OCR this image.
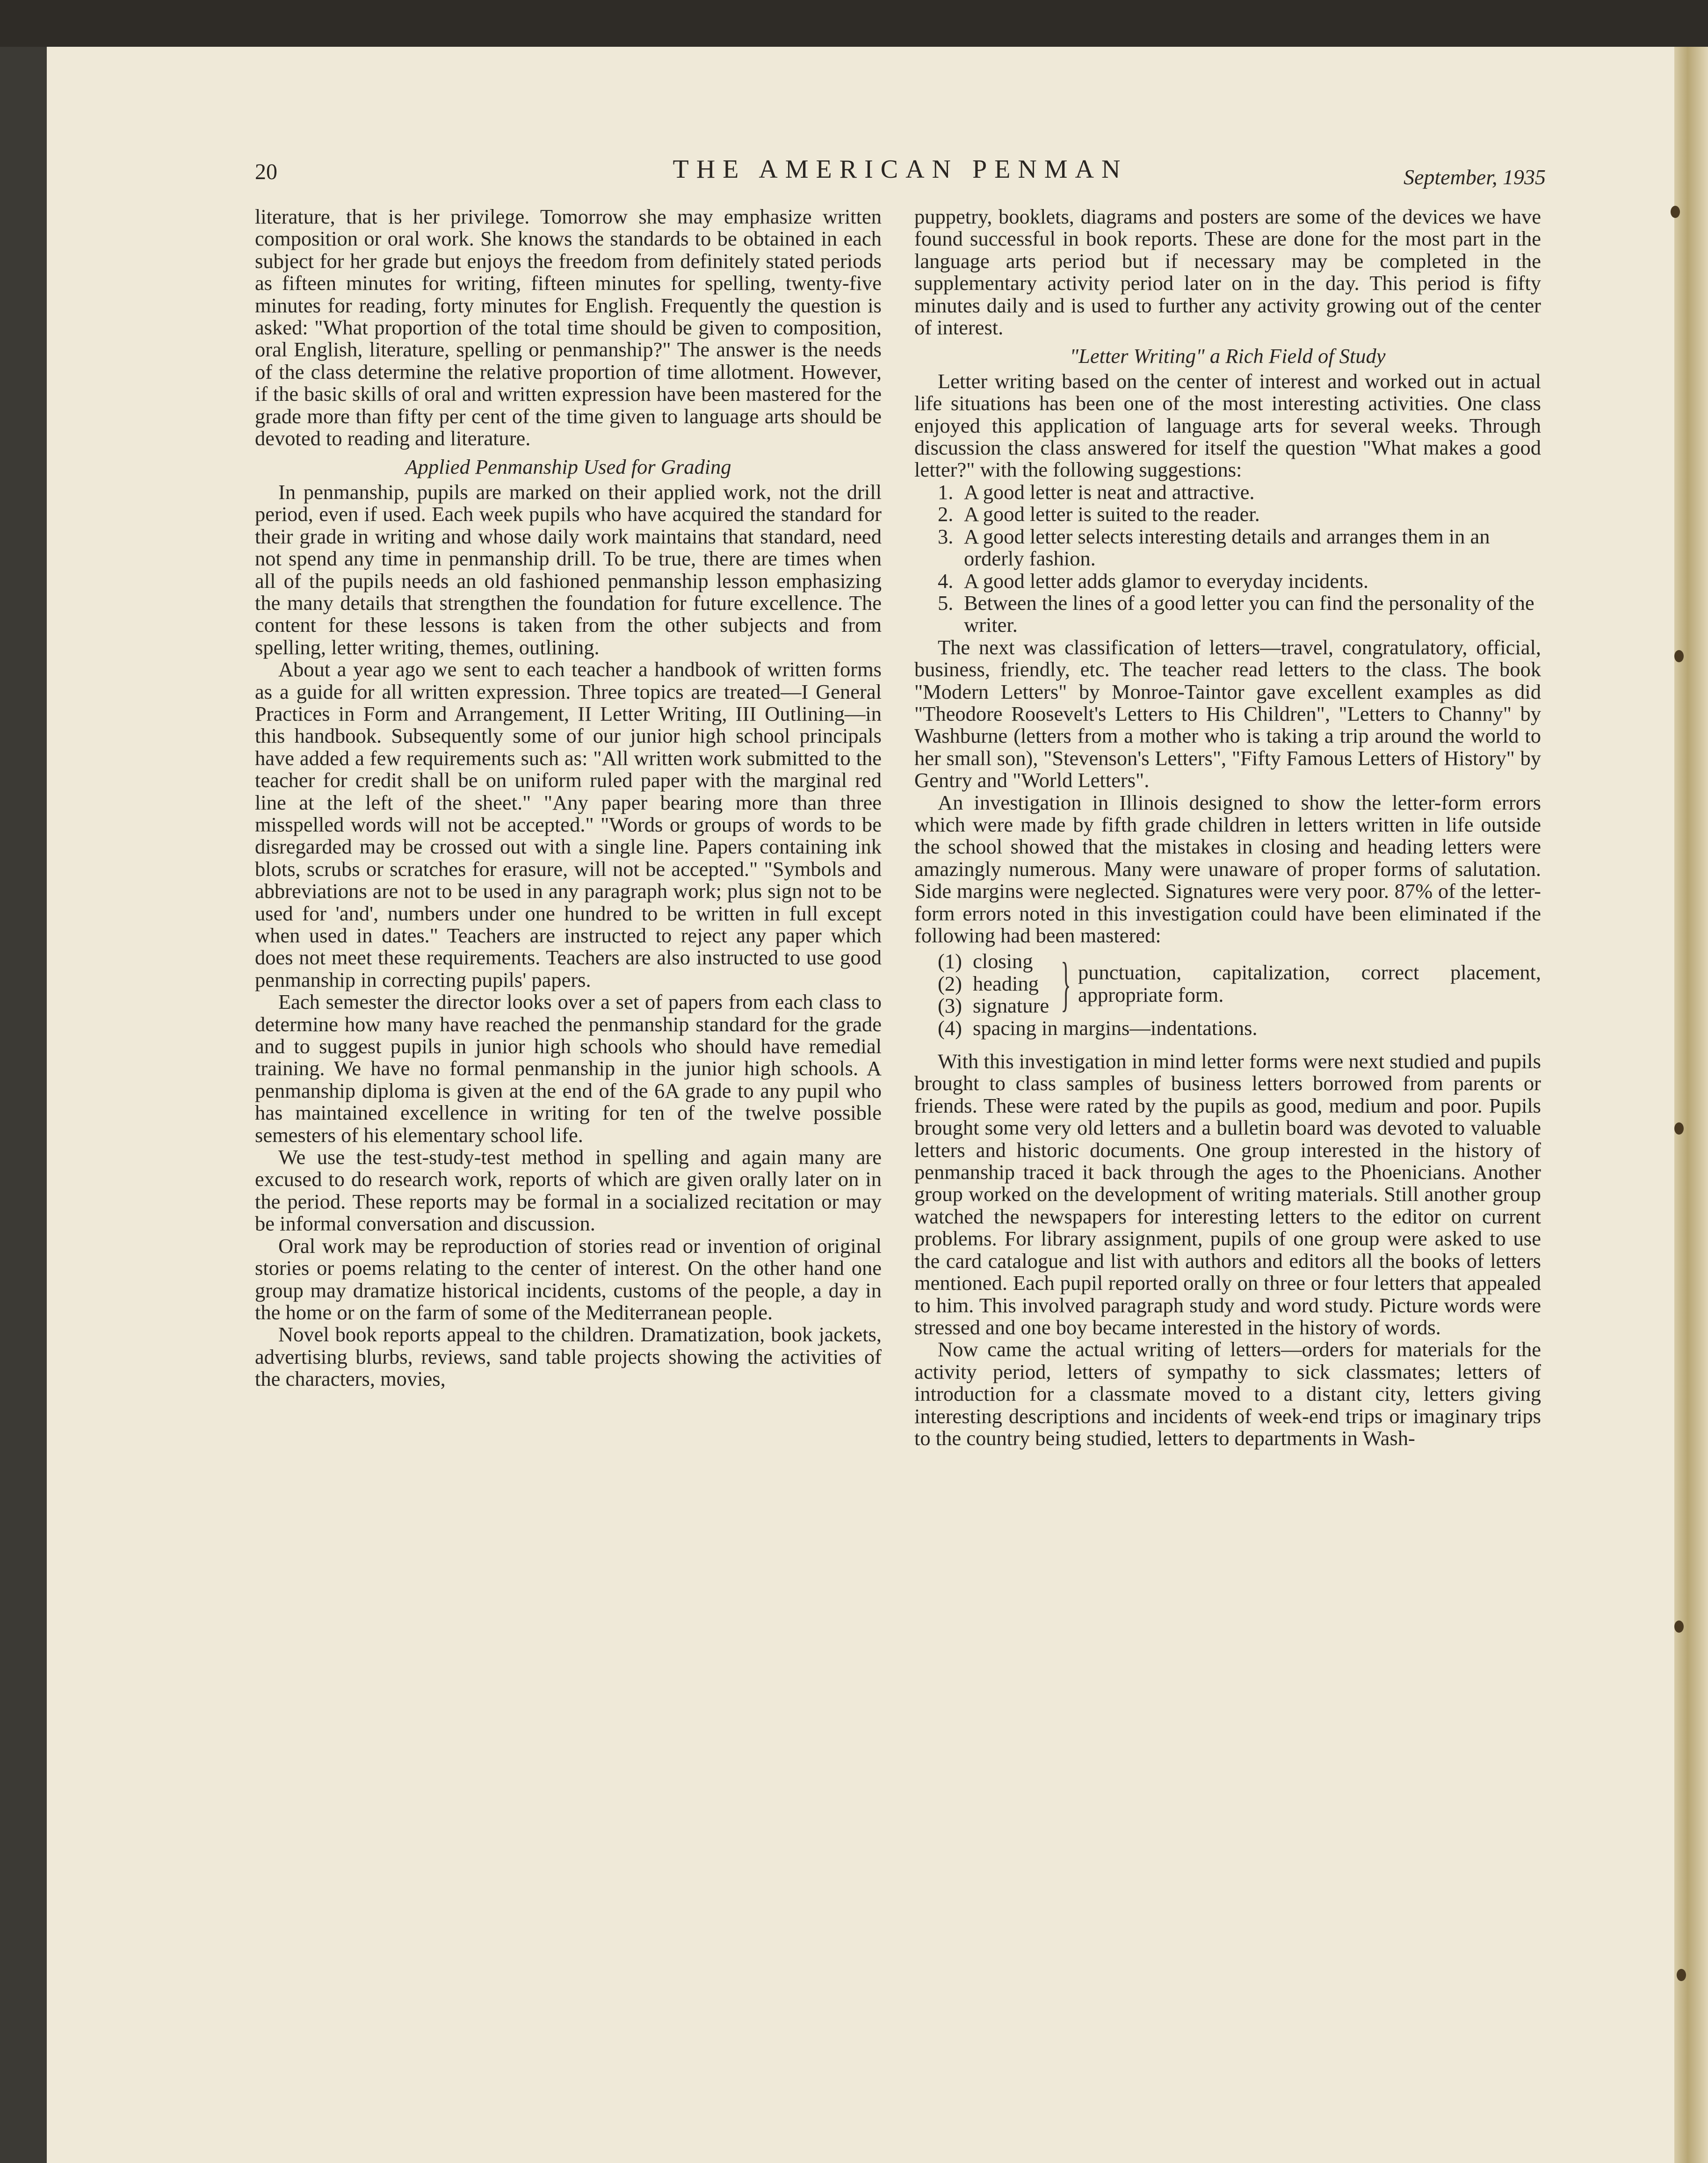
20	THE AMERICAN PENMAN	September, 1935

literature, that is her privilege. Tomorrow she may emphasize written composition or oral work. She knows the standards to be obtained in each subject for her grade but enjoys the freedom from definitely stated periods as fifteen minutes for writing, fifteen minutes for spelling, twenty-five minutes for reading, forty minutes for English. Frequently the question is asked: "What proportion of the total time should be given to composition, oral English, literature, spelling or penmanship?" The answer is the needs of the class determine the relative proportion of time allotment. However, if the basic skills of oral and written expression have been mastered for the grade more than fifty per cent of the time given to language arts should be devoted to reading and literature.

Applied Penmanship Used for Grading

In penmanship, pupils are marked on their applied work, not the drill period, even if used. Each week pupils who have acquired the standard for their grade in writing and whose daily work maintains that standard, need not spend any time in penmanship drill. To be true, there are times when all of the pupils needs an old fashioned penmanship lesson emphasizing the many details that strengthen the foundation for future excellence. The content for these lessons is taken from the other subjects and from spelling, letter writing, themes, outlining.

About a year ago we sent to each teacher a handbook of written forms as a guide for all written expression. Three topics are treated—I General Practices in Form and Arrangement, II Letter Writing, III Outlining—in this handbook. Subsequently some of our junior high school principals have added a few requirements such as: "All written work submitted to the teacher for credit shall be on uniform ruled paper with the marginal red line at the left of the sheet." "Any paper bearing more than three misspelled words will not be accepted." "Words or groups of words to be disregarded may be crossed out with a single line. Papers containing ink blots, scrubs or scratches for erasure, will not be accepted." "Symbols and abbreviations are not to be used in any paragraph work; plus sign not to be used for 'and', numbers under one hundred to be written in full except when used in dates." Teachers are instructed to reject any paper which does not meet these requirements. Teachers are also instructed to use good penmanship in correcting pupils' papers.

Each semester the director looks over a set of papers from each class to determine how many have reached the penmanship standard for the grade and to suggest pupils in junior high schools who should have remedial training. We have no formal penmanship in the junior high schools. A penmanship diploma is given at the end of the 6A grade to any pupil who has maintained excellence in writing for ten of the twelve possible semesters of his elementary school life.

We use the test-study-test method in spelling and again many are excused to do research work, reports of which are given orally later on in the period. These reports may be formal in a socialized recitation or may be informal conversation and discussion.

Oral work may be reproduction of stories read or invention of original stories or poems relating to the center of interest. On the other hand one group may dramatize historical incidents, customs of the people, a day in the home or on the farm of some of the Mediterranean people.

Novel book reports appeal to the children. Dramatization, book jackets, advertising blurbs, reviews, sand table projects showing the activities of the characters, movies,

puppetry, booklets, diagrams and posters are some of the devices we have found successful in book reports. These are done for the most part in the language arts period but if necessary may be completed in the supplementary activity period later on in the day. This period is fifty minutes daily and is used to further any activity growing out of the center of interest.

"Letter Writing" a Rich Field of Study

Letter writing based on the center of interest and worked out in actual life situations has been one of the most interesting activities. One class enjoyed this application of language arts for several weeks. Through discussion the class answered for itself the question "What makes a good letter?" with the following suggestions:

1. A good letter is neat and attractive.
2. A good letter is suited to the reader.
3. A good letter selects interesting details and arranges them in an orderly fashion.
4. A good letter adds glamor to everyday incidents.
5. Between the lines of a good letter you can find the personality of the writer.

The next was classification of letters—travel, congratulatory, official, business, friendly, etc. The teacher read letters to the class. The book "Modern Letters" by Monroe-Taintor gave excellent examples as did "Theodore Roosevelt's Letters to His Children", "Letters to Channy" by Washburne (letters from a mother who is taking a trip around the world to her small son), "Stevenson's Letters", "Fifty Famous Letters of History" by Gentry and "World Letters".

An investigation in Illinois designed to show the letter-form errors which were made by fifth grade children in letters written in life outside the school showed that the mistakes in closing and heading letters were amazingly numerous. Many were unaware of proper forms of salutation. Side margins were neglected. Signatures were very poor. 87% of the letter-form errors noted in this investigation could have been eliminated if the following had been mastered:

(1) closing
(2) heading
(3) signature } punctuation, capitalization, correct placement, appropriate form.
(4) spacing in margins—indentations.

With this investigation in mind letter forms were next studied and pupils brought to class samples of business letters borrowed from parents or friends. These were rated by the pupils as good, medium and poor. Pupils brought some very old letters and a bulletin board was devoted to valuable letters and historic documents. One group interested in the history of penmanship traced it back through the ages to the Phoenicians. Another group worked on the development of writing materials. Still another group watched the newspapers for interesting letters to the editor on current problems. For library assignment, pupils of one group were asked to use the card catalogue and list with authors and editors all the books of letters mentioned. Each pupil reported orally on three or four letters that appealed to him. This involved paragraph study and word study. Picture words were stressed and one boy became interested in the history of words.

Now came the actual writing of letters—orders for materials for the activity period, letters of sympathy to sick classmates; letters of introduction for a classmate moved to a distant city, letters giving interesting descriptions and incidents of week-end trips or imaginary trips to the country being studied, letters to departments in Wash-
